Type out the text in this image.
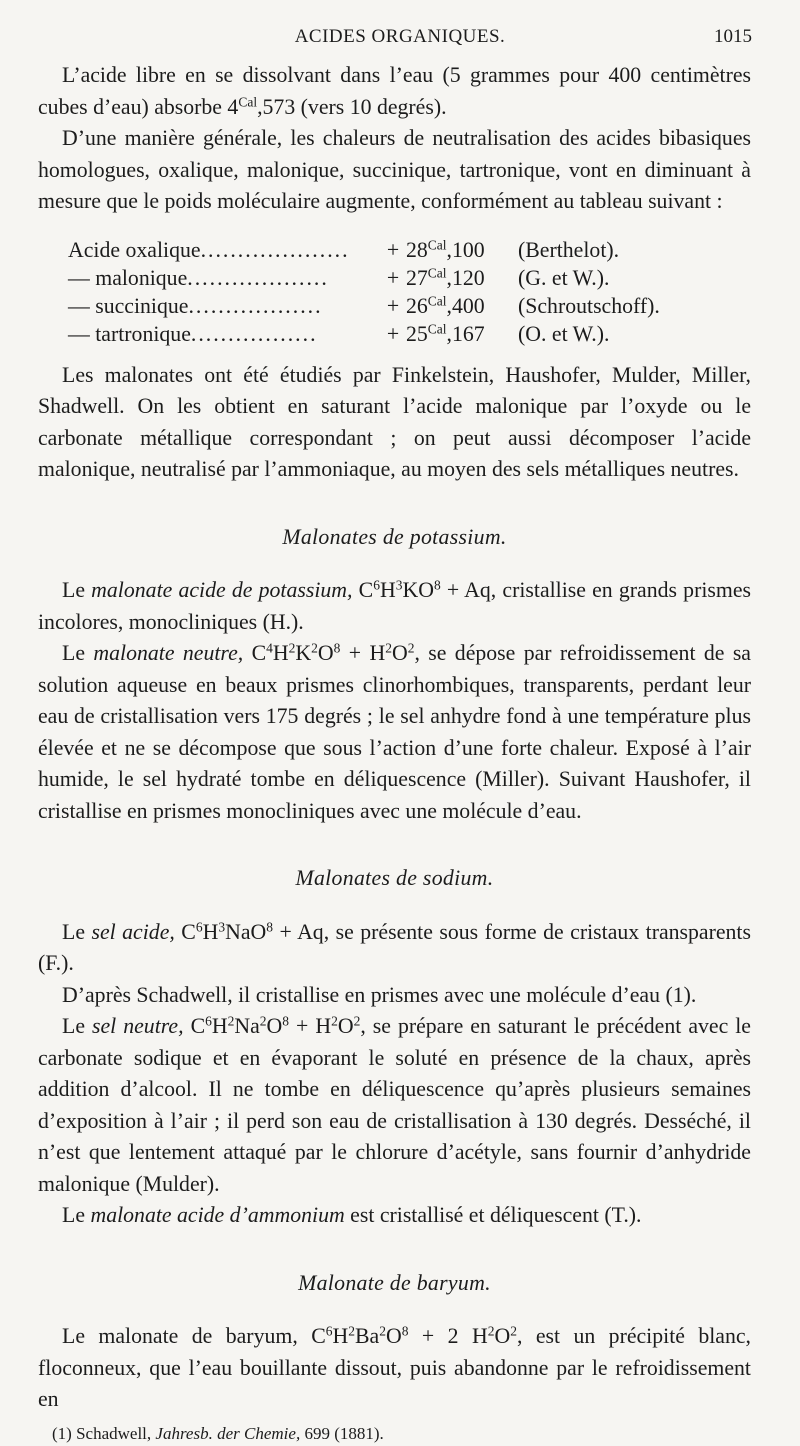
ACIDES ORGANIQUES.	1015

L’acide libre en se dissolvant dans l’eau (5 grammes pour 400 centimètres cubes d’eau) absorbe $4^{Cal},573$ (vers 10 degrés).

D’une manière générale, les chaleurs de neutralisation des acides bibasiques homologues, oxalique, malonique, succinique, tartronique, vont en diminuant à mesure que le poids moléculaire augmente, conformément au tableau suivant :

Acide oxalique....................	+ $28^{Cal},100$	(Berthelot).
— malonique...................	+ $27^{Cal},120$	(G. et W.).
— succinique..................	+ $26^{Cal},400$	(Schroutschoff).
— tartronique.................	+ $25^{Cal},167$	(O. et W.).

Les malonates ont été étudiés par Finkelstein, Haushofer, Mulder, Miller, Shadwell. On les obtient en saturant l’acide malonique par l’oxyde ou le carbonate métallique correspondant ; on peut aussi décomposer l’acide malonique, neutralisé par l’ammoniaque, au moyen des sels métalliques neutres.

Malonates de potassium.

Le malonate acide de potassium, $C^6H^3KO^8 + Aq$, cristallise en grands prismes incolores, monocliniques (H.).

Le malonate neutre, $C^4H^2K^2O^8 + H^2O^2$, se dépose par refroidissement de sa solution aqueuse en beaux prismes clinorhombiques, transparents, perdant leur eau de cristallisation vers 175 degrés ; le sel anhydre fond à une température plus élevée et ne se décompose que sous l’action d’une forte chaleur. Exposé à l’air humide, le sel hydraté tombe en déliquescence (Miller). Suivant Haushofer, il cristallise en prismes monocliniques avec une molécule d’eau.

Malonates de sodium.

Le sel acide, $C^6H^3NaO^8 + Aq$, se présente sous forme de cristaux transparents (F.).

D’après Schadwell, il cristallise en prismes avec une molécule d’eau (1).

Le sel neutre, $C^6H^2Na^2O^8 + H^2O^2$, se prépare en saturant le précédent avec le carbonate sodique et en évaporant le soluté en présence de la chaux, après addition d’alcool. Il ne tombe en déliquescence qu’après plusieurs semaines d’exposition à l’air ; il perd son eau de cristallisation à 130 degrés. Desséché, il n’est que lentement attaqué par le chlorure d’acétyle, sans fournir d’anhydride malonique (Mulder).

Le malonate acide d’ammonium est cristallisé et déliquescent (T.).

Malonate de baryum.

Le malonate de baryum, $C^6H^2Ba^2O^8 + 2$ $H^2O^2$, est un précipité blanc, floconneux, que l’eau bouillante dissout, puis abandonne par le refroidissement en

(1) Schadwell, Jahresb. der Chemie, 699 (1881).
